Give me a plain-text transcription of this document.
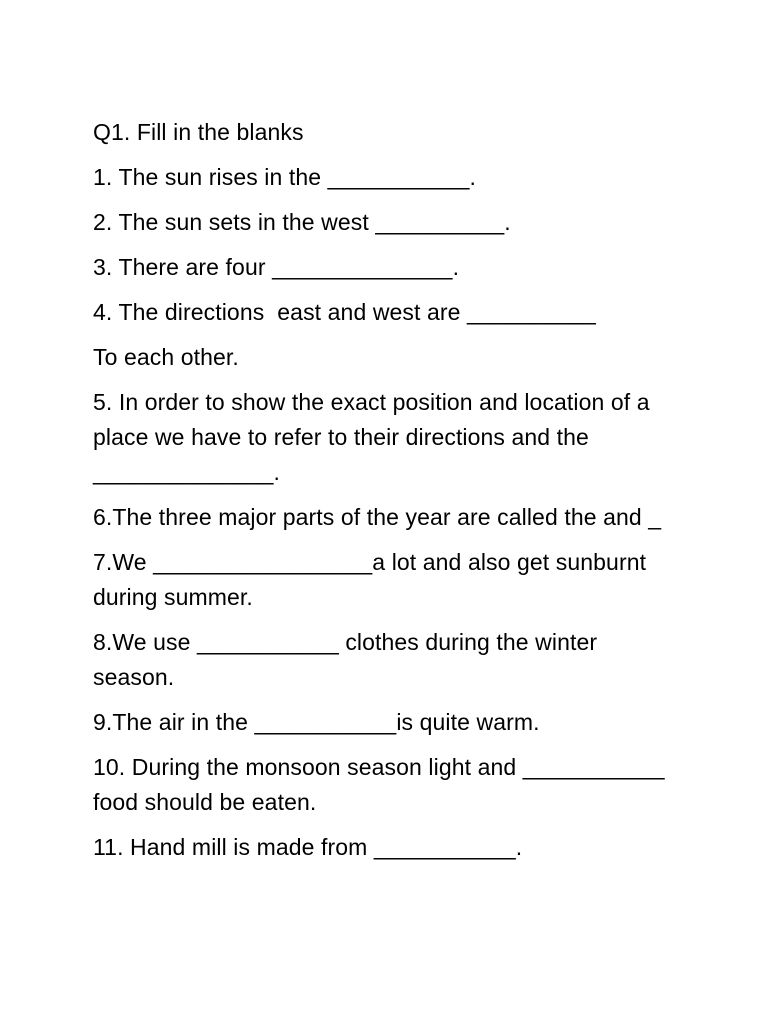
Q1. Fill in the blanks
1. The sun rises in the ___________.
2. The sun sets in the west __________.
3. There are four ______________.
4. The directions  east and west are __________
To each other.
5. In order to show the exact position and location of a place we have to refer to their directions and the ______________.
6.The three major parts of the year are called the and _
7.We _________________a lot and also get sunburnt during summer.
8.We use ___________ clothes during the winter season.
9.The air in the ___________is quite warm.
10. During the monsoon season light and ___________  food should be eaten.
11. Hand mill is made from ___________.
